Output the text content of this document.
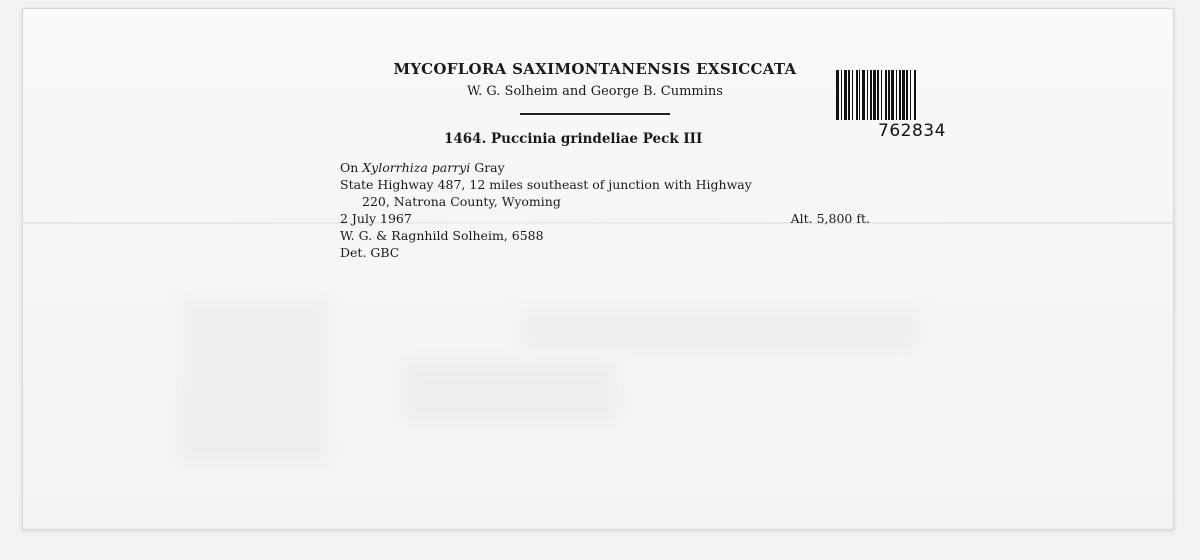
MYCOFLORA SAXIMONTANENSIS EXSICCATA
W. G. Solheim and George B. Cummins
1464. Puccinia grindeliae Peck III
On Xylorrhiza parryi Gray
State Highway 487, 12 miles southeast of junction with Highway
220, Natrona County, Wyoming
2 July 1967	Alt. 5,800 ft.
W. G. & Ragnhild Solheim, 6588
Det. GBC
762834
